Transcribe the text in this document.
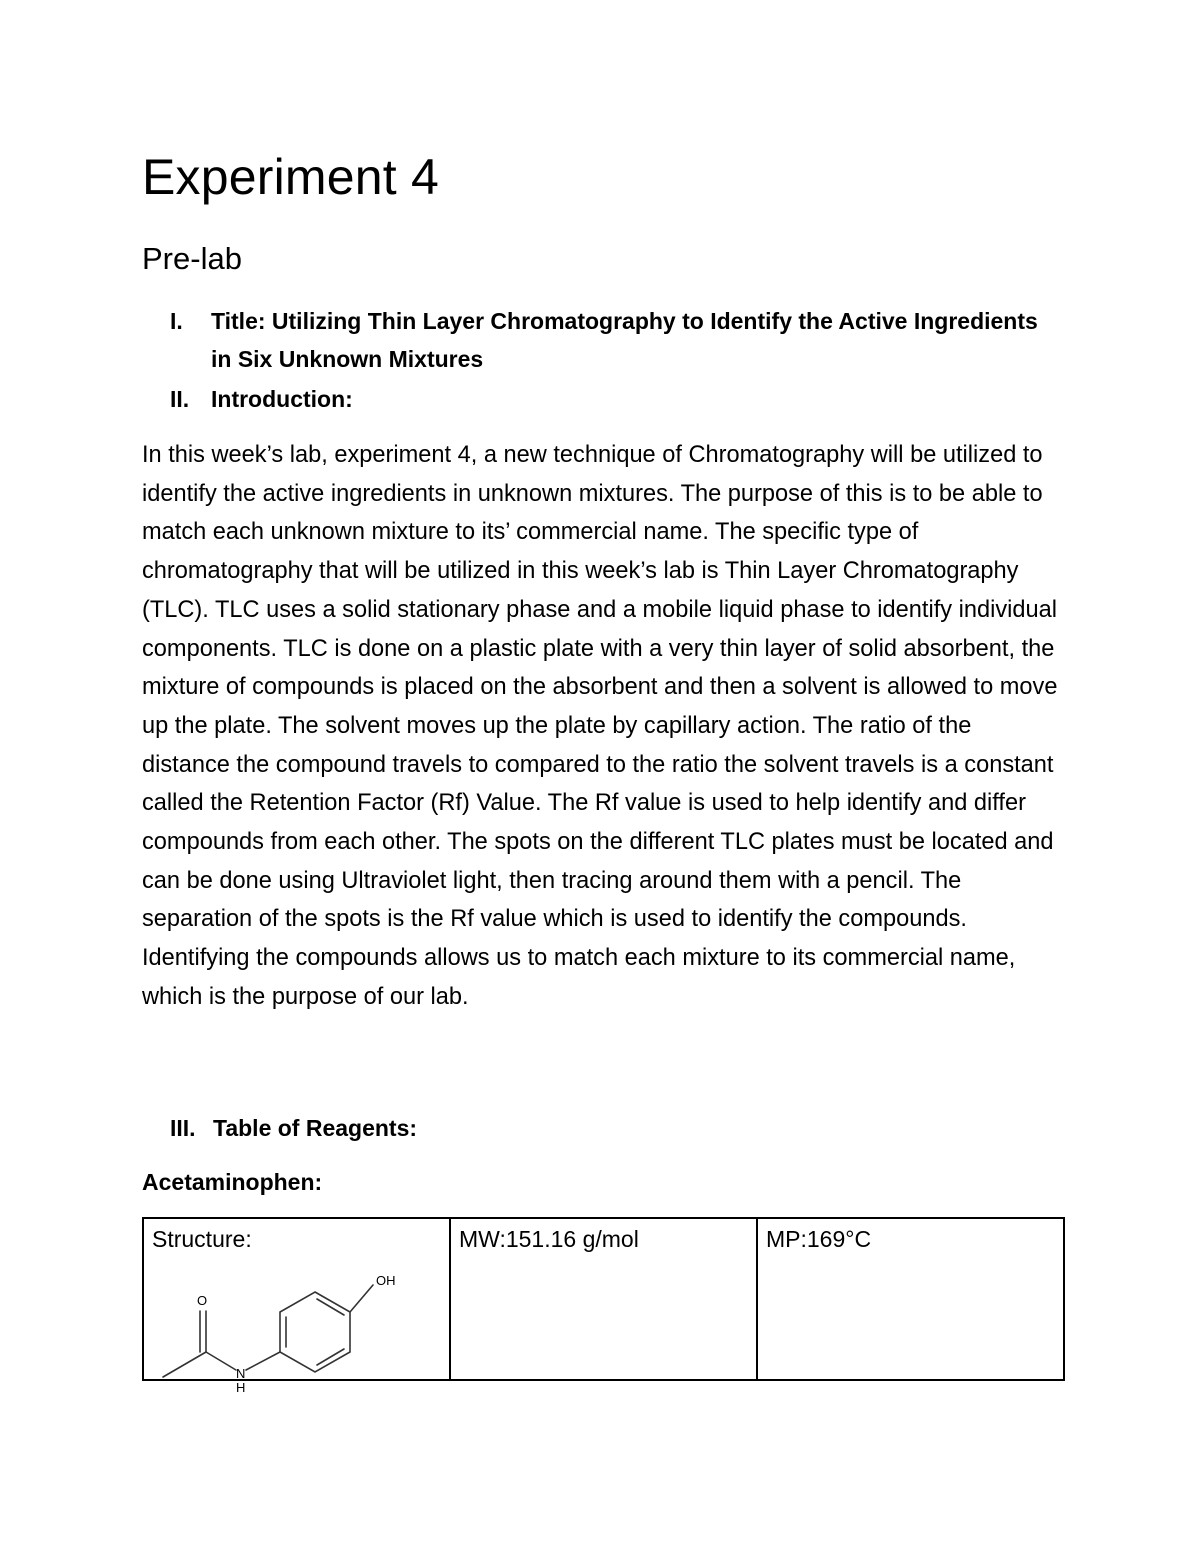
Experiment 4
Pre-lab
I. Title: Utilizing Thin Layer Chromatography to Identify the Active Ingredients in Six Unknown Mixtures
II. Introduction:

In this week’s lab, experiment 4, a new technique of Chromatography will be utilized to identify the active ingredients in unknown mixtures. The purpose of this is to be able to match each unknown mixture to its’ commercial name. The specific type of chromatography that will be utilized in this week’s lab is Thin Layer Chromatography (TLC). TLC uses a solid stationary phase and a mobile liquid phase to identify individual components. TLC is done on a plastic plate with a very thin layer of solid absorbent, the mixture of compounds is placed on the absorbent and then a solvent is allowed to move up the plate. The solvent moves up the plate by capillary action. The ratio of the distance the compound travels to compared to the ratio the solvent travels is a constant called the Retention Factor (Rf) Value. The Rf value is used to help identify and differ compounds from each other. The spots on the different TLC plates must be located and can be done using Ultraviolet light, then tracing around them with a pencil. The separation of the spots is the Rf value which is used to identify the compounds. Identifying the compounds allows us to match each mixture to its commercial name, which is the purpose of our lab.

III. Table of Reagents:

Acetaminophen:

Structure:
OH
O
N
H
	MW:151.16 g/mol	MP:169°C
